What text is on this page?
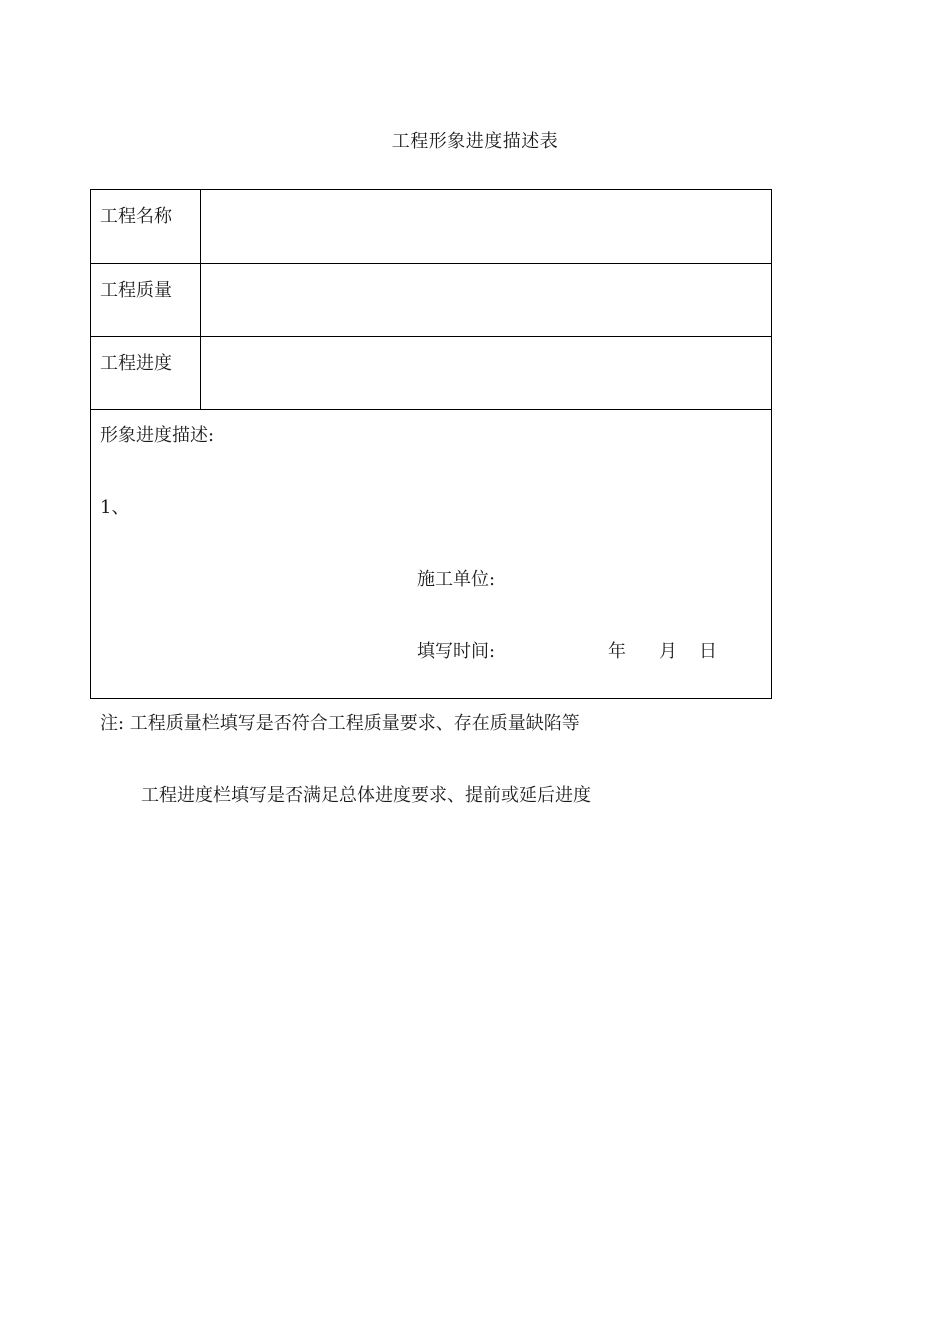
工程形象进度描述表
工程名称
工程质量
工程进度
形象进度描述:
1、
施工单位:
填写时间:	年 月 日
注: 工程质量栏填写是否符合工程质量要求、存在质量缺陷等
工程进度栏填写是否满足总体进度要求、提前或延后进度
